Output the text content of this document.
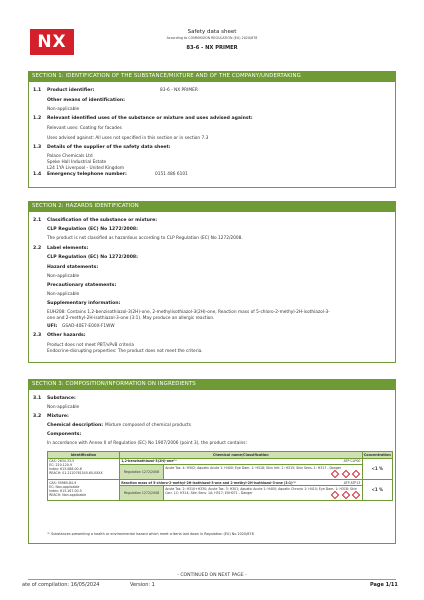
NX	Safety data sheet
According to COMMISSION REGULATION (EU) 2020/878
83-6 - NX PRIMER
SECTION 1: IDENTIFICATION OF THE SUBSTANCE/MIXTURE AND OF THE COMPANY/UNDERTAKING
1.1 Product identifier:	83-6 - NX PRIMER
Other means of identification:
Non-applicable
1.2 Relevant identified uses of the substance or mixture and uses advised against:
Relevant uses: Coating for facades
Uses advised against: All uses not specified in this section or in section 7.3
1.3 Details of the supplier of the safety data sheet:
Palace Chemicals Ltd
Speke Hall Industrial Estate
L24 1YA Liverpool - United Kingdom
1.4 Emergency telephone number:	0151 486 6101
SECTION 2: HAZARDS IDENTIFICATION
2.1 Classification of the substance or mixture:
CLP Regulation (EC) No 1272/2008:
The product is not classified as hazardous according to CLP Regulation (EC) No 1272/2008.
2.2 Label elements:
CLP Regulation (EC) No 1272/2008:
Hazard statements:
Non-applicable
Precautionary statements:
Non-applicable
Supplementary information:
EUH208: Contains 1,2-benzisothiazol-3(2H)-one, 2-methylisothiazol-3(2H)-one, Reaction mass of 5-chloro-2-methyl-2H-isothiazol-3-
one and 2-methyl-2H-isothiazol-3-one (3:1). May produce an allergic reaction.
UFI: GSAD-40E7-E00X-F1WW
2.3 Other hazards:
Product does not meet PBT/vPvB criteria
Endocrine-disrupting properties: The product does not meet the criteria.
SECTION 3: COMPOSITION/INFORMATION ON INGREDIENTS
3.1 Substance:
Non-applicable
3.2 Mixture:
Chemical description: Mixture composed of chemical products
Components:
In accordance with Annex II of Regulation (EC) No 1907/2006 (point 3), the product contains:
Identification	Chemical name/Classification		Concentration
CAS: 2634-33-5
EC: 220-120-9
Index: 613-088-00-6
REACH: 01-2120761540-60-XXXX	1,2-benzisothiazol-3(2H)-one⁽¹⁾ ATP CLP00		<1 %
	Regulation 1272/2008	Acute Tox. 4: H302; Aquatic Acute 1: H400; Eye Dam. 1: H318; Skin Irrit. 2: H315; Skin Sens. 1: H317 - Danger	

CAS: 55965-84-9
EC: Non-applicable
Index: 613-167-00-5
REACH: Non-applicable	Reaction mass of 5-chloro-2-methyl-2H-isothiazol-3-one and 2-methyl-2H-isothiazol-3-one (3:1)⁽¹⁾ ATP ATP13		<1 %
	Regulation 1272/2008	Acute Tox. 2: H310+H330; Acute Tox. 3: H301; Aquatic Acute 1: H400; Aquatic Chronic 1: H410; Eye Dam. 1: H318; Skin Corr. 1C: H314; Skin Sens. 1A: H317; EUH071 - Danger	

⁽¹⁾ Substances presenting a health or environmental hazard which meet criteria laid down in Regulation (EU) No 2020/878
- CONTINUED ON NEXT PAGE -
ate of compilation: 16/05/2024	Version: 1	Page 1/11
